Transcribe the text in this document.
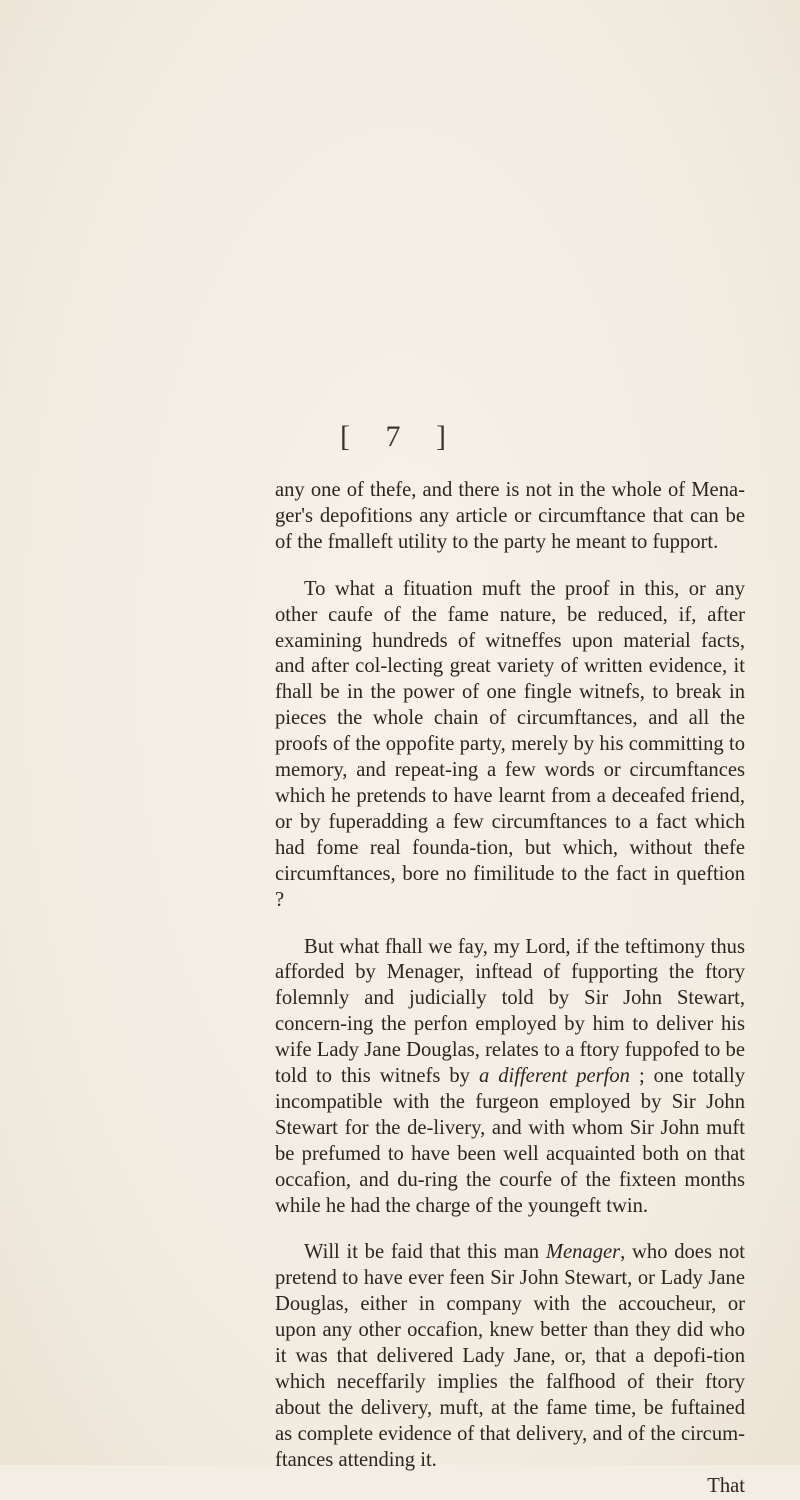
[ 7 ]

any one of thefe, and there is not in the whole of Mena-ger's depofitions any article or circumftance that can be of the fmalleft utility to the party he meant to fupport.

To what a fituation muft the proof in this, or any other caufe of the fame nature, be reduced, if, after examining hundreds of witneffes upon material facts, and after col-lecting great variety of written evidence, it fhall be in the power of one fingle witnefs, to break in pieces the whole chain of circumftances, and all the proofs of the oppofite party, merely by his committing to memory, and repeat-ing a few words or circumftances which he pretends to have learnt from a deceafed friend, or by fuperadding a few circumftances to a fact which had fome real founda-tion, but which, without thefe circumftances, bore no fimilitude to the fact in queftion ?

But what fhall we fay, my Lord, if the teftimony thus afforded by Menager, inftead of fupporting the ftory folemnly and judicially told by Sir John Stewart, concern-ing the perfon employed by him to deliver his wife Lady Jane Douglas, relates to a ftory fuppofed to be told to this witnefs by a different perfon ; one totally incompatible with the furgeon employed by Sir John Stewart for the de-livery, and with whom Sir John muft be prefumed to have been well acquainted both on that occafion, and du-ring the courfe of the fixteen months while he had the charge of the youngeft twin.

Will it be faid that this man Menager, who does not pretend to have ever feen Sir John Stewart, or Lady Jane Douglas, either in company with the accoucheur, or upon any other occafion, knew better than they did who it was that delivered Lady Jane, or, that a depofi-tion which neceffarily implies the falfhood of their ftory about the delivery, muft, at the fame time, be fuftained as complete evidence of that delivery, and of the circum-ftances attending it.

That
